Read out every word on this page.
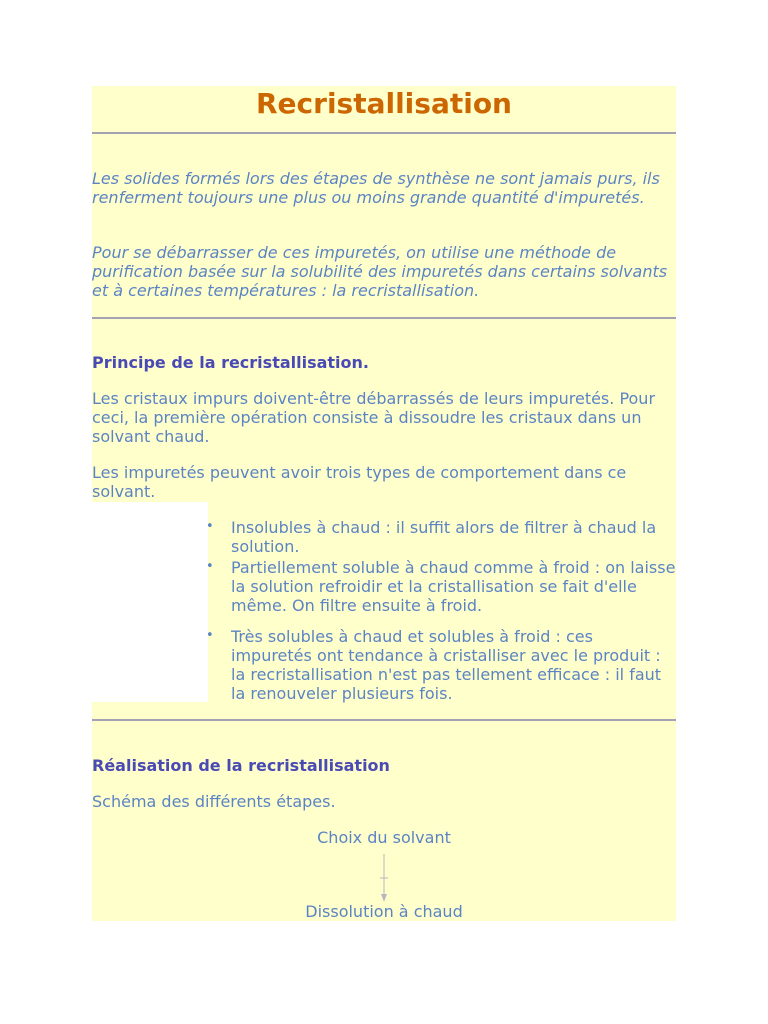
Recristallisation

Les solides formés lors des étapes de synthèse ne sont jamais purs, ils renferment toujours une plus ou moins grande quantité d'impuretés.

Pour se débarrasser de ces impuretés, on utilise une méthode de purification basée sur la solubilité des impuretés dans certains solvants et à certaines températures : la recristallisation.

Principe de la recristallisation.

Les cristaux impurs doivent-être débarrassés de leurs impuretés. Pour ceci, la première opération consiste à dissoudre les cristaux dans un solvant chaud.

Les impuretés peuvent avoir trois types de comportement dans ce solvant.

• Insolubles à chaud : il suffit alors de filtrer à chaud la solution.
• Partiellement soluble à chaud comme à froid : on laisse la solution refroidir et la cristallisation se fait d'elle même. On filtre ensuite à froid.
• Très solubles à chaud et solubles à froid : ces impuretés ont tendance à cristalliser avec le produit : la recristallisation n'est pas tellement efficace : il faut la renouveler plusieurs fois.
Réalisation de la recristallisation

Schéma des différents étapes.

Choix du solvant

Dissolution à chaud
